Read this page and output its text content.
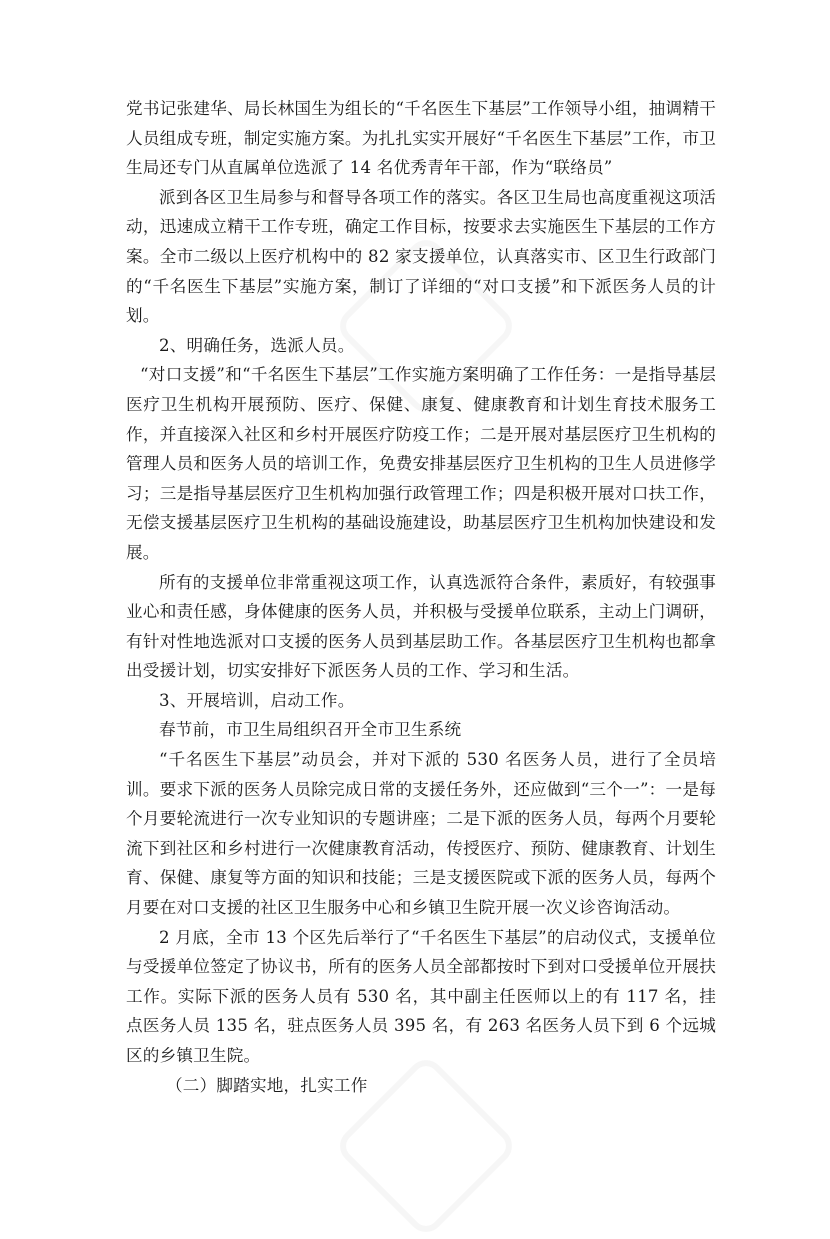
党书记张建华、局长林国生为组长的“千名医生下基层”工作领导小组，抽调精干人员组成专班，制定实施方案。为扎扎实实开展好“千名医生下基层”工作，市卫生局还专门从直属单位选派了 14 名优秀青年干部，作为“联络员”

派到各区卫生局参与和督导各项工作的落实。各区卫生局也高度重视这项活动，迅速成立精干工作专班，确定工作目标，按要求去实施医生下基层的工作方案。全市二级以上医疗机构中的 82 家支援单位，认真落实市、区卫生行政部门的“千名医生下基层”实施方案，制订了详细的“对口支援”和下派医务人员的计划。

2、明确任务，选派人员。

“对口支援”和“千名医生下基层”工作实施方案明确了工作任务：一是指导基层医疗卫生机构开展预防、医疗、保健、康复、健康教育和计划生育技术服务工作，并直接深入社区和乡村开展医疗防疫工作；二是开展对基层医疗卫生机构的管理人员和医务人员的培训工作，免费安排基层医疗卫生机构的卫生人员进修学习；三是指导基层医疗卫生机构加强行政管理工作；四是积极开展对口扶工作，无偿支援基层医疗卫生机构的基础设施建设，助基层医疗卫生机构加快建设和发展。

所有的支援单位非常重视这项工作，认真选派符合条件，素质好，有较强事业心和责任感，身体健康的医务人员，并积极与受援单位联系，主动上门调研，有针对性地选派对口支援的医务人员到基层助工作。各基层医疗卫生机构也都拿出受援计划，切实安排好下派医务人员的工作、学习和生活。

3、开展培训，启动工作。

春节前，市卫生局组织召开全市卫生系统

“千名医生下基层”动员会，并对下派的 530 名医务人员，进行了全员培训。要求下派的医务人员除完成日常的支援任务外，还应做到“三个一”：一是每个月要轮流进行一次专业知识的专题讲座；二是下派的医务人员，每两个月要轮流下到社区和乡村进行一次健康教育活动，传授医疗、预防、健康教育、计划生育、保健、康复等方面的知识和技能；三是支援医院或下派的医务人员，每两个月要在对口支援的社区卫生服务中心和乡镇卫生院开展一次义诊咨询活动。

2 月底，全市 13 个区先后举行了“千名医生下基层”的启动仪式，支援单位与受援单位签定了协议书，所有的医务人员全部都按时下到对口受援单位开展扶工作。实际下派的医务人员有 530 名，其中副主任医师以上的有 117 名，挂点医务人员 135 名，驻点医务人员 395 名，有 263 名医务人员下到 6 个远城区的乡镇卫生院。

（二）脚踏实地，扎实工作
